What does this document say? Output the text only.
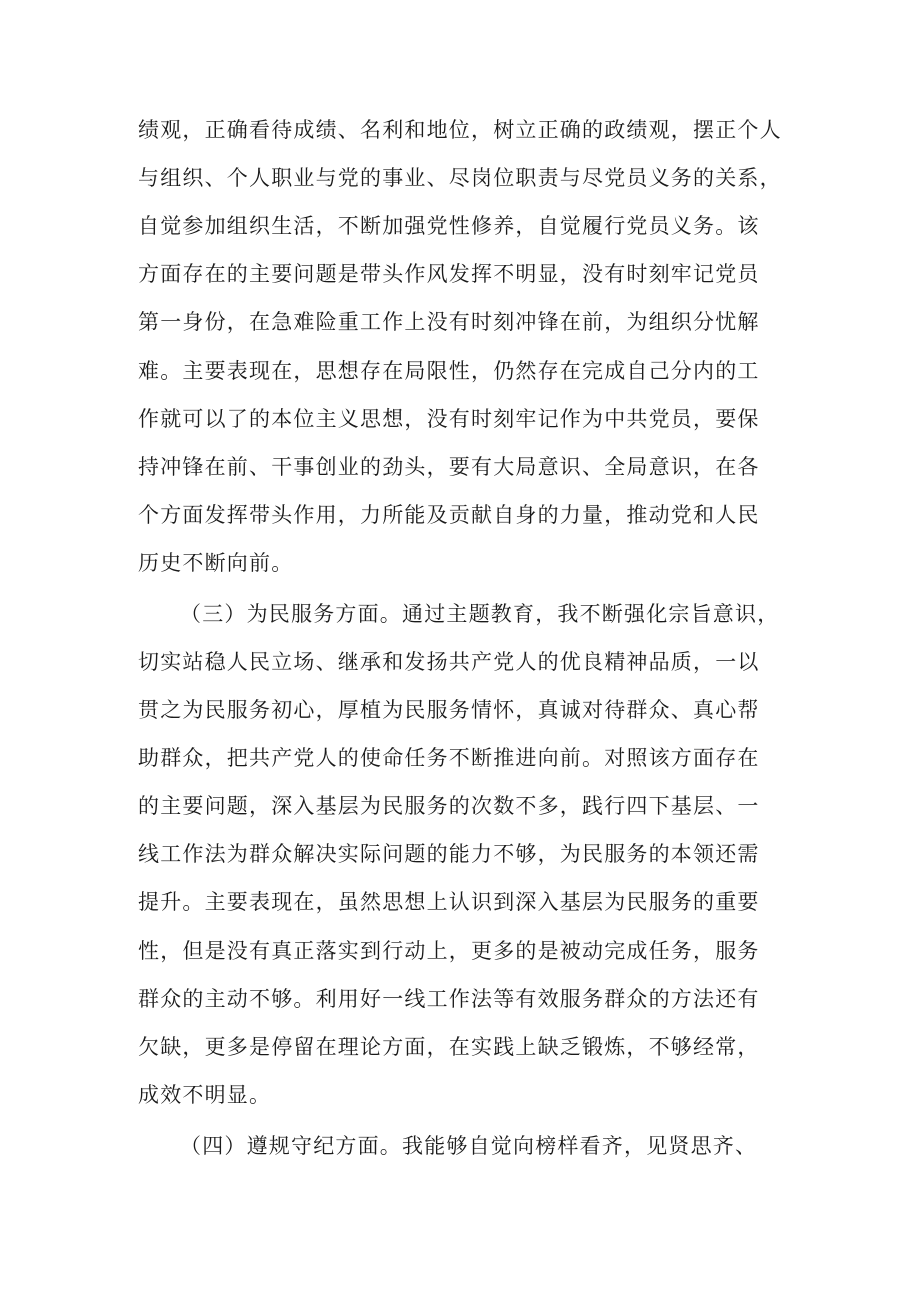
绩观，正确看待成绩、名利和地位，树立正确的政绩观，摆正个人
与组织、个人职业与党的事业、尽岗位职责与尽党员义务的关系，
自觉参加组织生活，不断加强党性修养，自觉履行党员义务。该
方面存在的主要问题是带头作风发挥不明显，没有时刻牢记党员
第一身份，在急难险重工作上没有时刻冲锋在前，为组织分忧解
难。主要表现在，思想存在局限性，仍然存在完成自己分内的工
作就可以了的本位主义思想，没有时刻牢记作为中共党员，要保
持冲锋在前、干事创业的劲头，要有大局意识、全局意识，在各
个方面发挥带头作用，力所能及贡献自身的力量，推动党和人民
历史不断向前。
（三）为民服务方面。通过主题教育，我不断强化宗旨意识，
切实站稳人民立场、继承和发扬共产党人的优良精神品质，一以
贯之为民服务初心，厚植为民服务情怀，真诚对待群众、真心帮
助群众，把共产党人的使命任务不断推进向前。对照该方面存在
的主要问题，深入基层为民服务的次数不多，践行四下基层、一
线工作法为群众解决实际问题的能力不够，为民服务的本领还需
提升。主要表现在，虽然思想上认识到深入基层为民服务的重要
性，但是没有真正落实到行动上，更多的是被动完成任务，服务
群众的主动不够。利用好一线工作法等有效服务群众的方法还有
欠缺，更多是停留在理论方面，在实践上缺乏锻炼，不够经常，
成效不明显。
（四）遵规守纪方面。我能够自觉向榜样看齐，见贤思齐、
